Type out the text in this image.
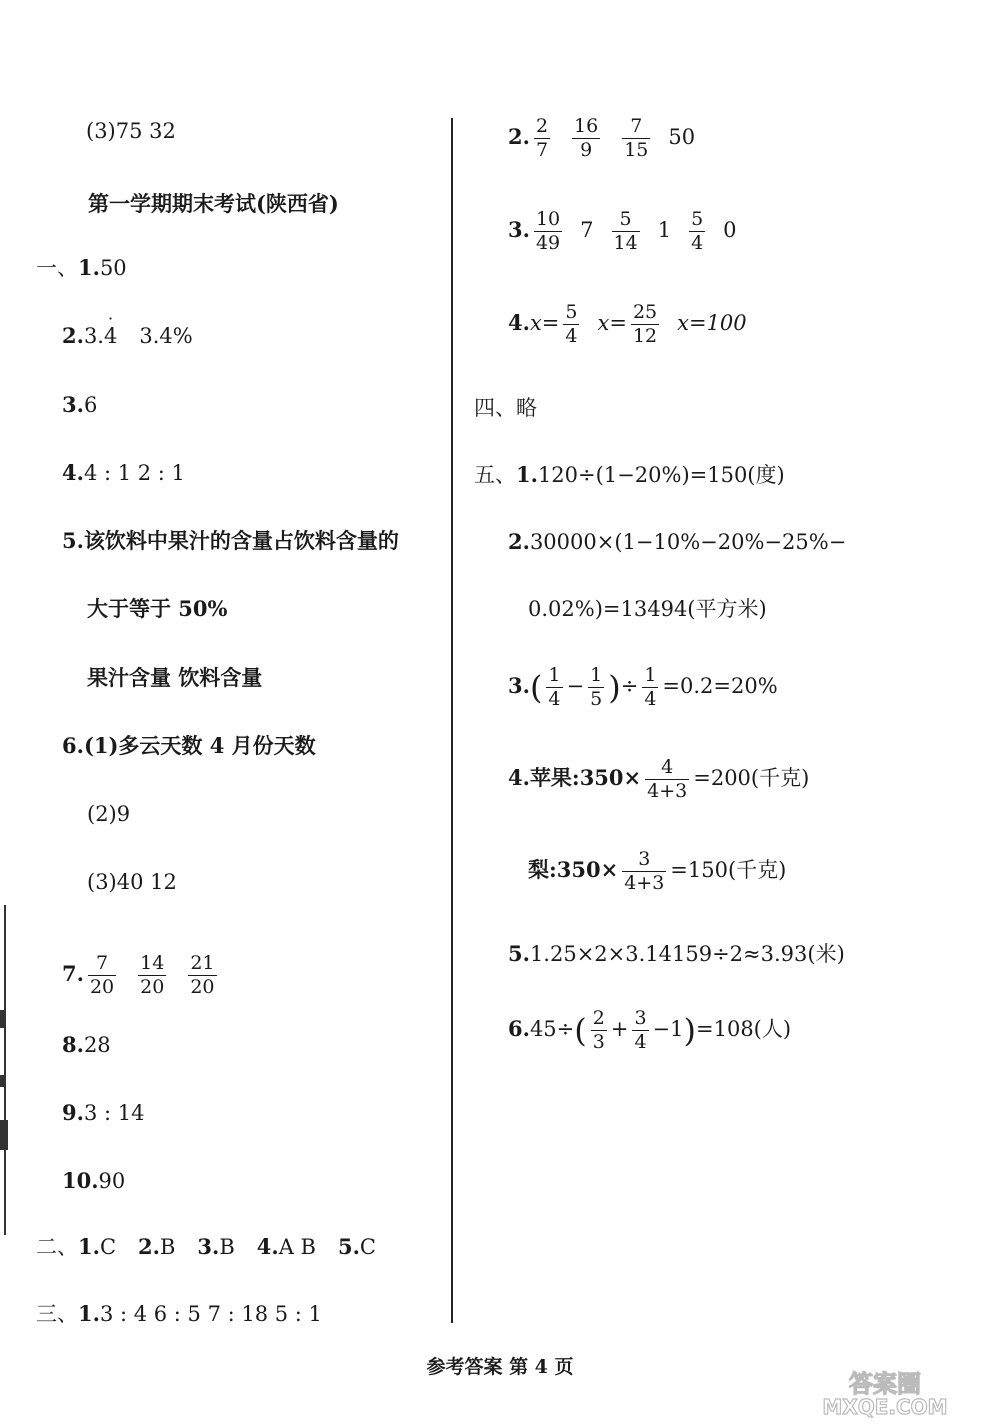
(3)75 32
第一学期期末考试(陕西省)
一、1.50
2.3.
·
4 3.4%
3.6
4.4 : 1 2 : 1
5.该饮料中果汁的含量占饮料含量的
大于等于 50%
果汁含量 饮料含量
6.(1)多云天数 4 月份天数
(2)9
(3)40 12
7. $\frac{7}{20} \frac{14}{20} \frac{21}{20}$
8.28
9.3 : 14
10.90
二、1.C 2.B 3.B 4.A B 5.C
三、1.3 : 4 6 : 5 7 : 18 5 : 1
2. $\frac{2}{7} \frac{16}{9} \frac{7}{15} 50$
3. $\frac{10}{49} 7 \frac{5}{14} 1 \frac{5}{4} 0$
$4.x= \frac{5}{4} x= \frac{25}{12} x=100$
四、略
五、1.120÷(1−20%)=150(度)
2.30000×(1−10%−20%−25%−
0.02%)=13494(平方米)
$3.( \frac{1}{4} - \frac{1}{5}$ )÷ $\frac{1}{4} =0.2=20\%$
4.苹果:350× $\frac{4}{4+3} =200$(千克)
梨:350× $\frac{3}{4+3} =150$(千克)
5.1.25×2×3.14159÷2≈3.93(米)
$6.45\div( \frac{2}{3} + \frac{3}{4} -1)=108$(人)
参考答案 第 4 页
答案圈
MXQE.COM
